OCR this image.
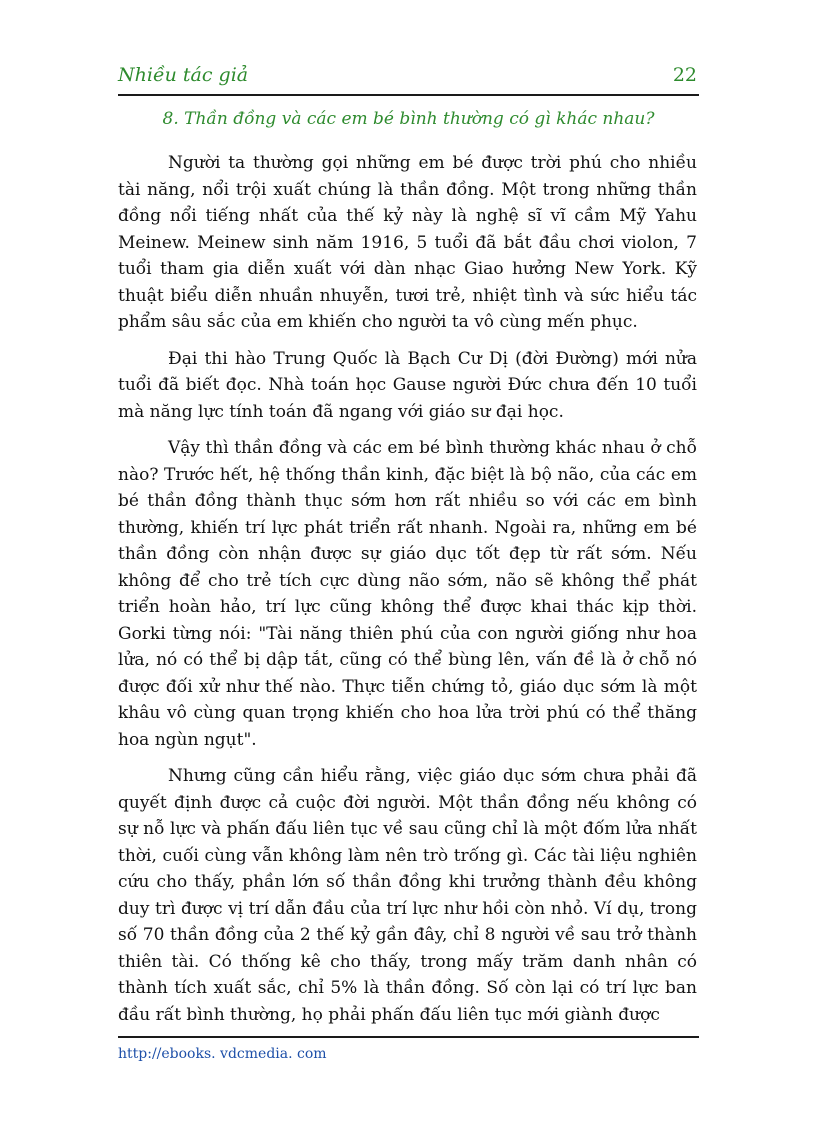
Nhiều tác giả	22
8. Thần đồng và các em bé bình thường có gì khác nhau?

Người ta thường gọi những em bé được trời phú cho nhiều tài năng, nổi trội xuất chúng là thần đồng. Một trong những thần đồng nổi tiếng nhất của thế kỷ này là nghệ sĩ vĩ cầm Mỹ Yahu Meinew. Meinew sinh năm 1916, 5 tuổi đã bắt đầu chơi violon, 7 tuổi tham gia diễn xuất với dàn nhạc Giao hưởng New York. Kỹ thuật biểu diễn nhuần nhuyễn, tươi trẻ, nhiệt tình và sức hiểu tác phẩm sâu sắc của em khiến cho người ta vô cùng mến phục.

Đại thi hào Trung Quốc là Bạch Cư Dị (đời Đường) mới nửa tuổi đã biết đọc. Nhà toán học Gause người Đức chưa đến 10 tuổi mà năng lực tính toán đã ngang với giáo sư đại học.

Vậy thì thần đồng và các em bé bình thường khác nhau ở chỗ nào? Trước hết, hệ thống thần kinh, đặc biệt là bộ não, của các em bé thần đồng thành thục sớm hơn rất nhiều so với các em bình thường, khiến trí lực phát triển rất nhanh. Ngoài ra, những em bé thần đồng còn nhận được sự giáo dục tốt đẹp từ rất sớm. Nếu không để cho trẻ tích cực dùng não sớm, não sẽ không thể phát triển hoàn hảo, trí lực cũng không thể được khai thác kịp thời. Gorki từng nói: "Tài năng thiên phú của con người giống như hoa lửa, nó có thể bị dập tắt, cũng có thể bùng lên, vấn đề là ở chỗ nó được đối xử như thế nào. Thực tiễn chứng tỏ, giáo dục sớm là một khâu vô cùng quan trọng khiến cho hoa lửa trời phú có thể thăng hoa ngùn ngụt".

Nhưng cũng cần hiểu rằng, việc giáo dục sớm chưa phải đã quyết định được cả cuộc đời người. Một thần đồng nếu không có sự nỗ lực và phấn đấu liên tục về sau cũng chỉ là một đốm lửa nhất thời, cuối cùng vẫn không làm nên trò trống gì. Các tài liệu nghiên cứu cho thấy, phần lớn số thần đồng khi trưởng thành đều không duy trì được vị trí dẫn đầu của trí lực như hồi còn nhỏ. Ví dụ, trong số 70 thần đồng của 2 thế kỷ gần đây, chỉ 8 người về sau trở thành thiên tài. Có thống kê cho thấy, trong mấy trăm danh nhân có thành tích xuất sắc, chỉ 5% là thần đồng. Số còn lại có trí lực ban đầu rất bình thường, họ phải phấn đấu liên tục mới giành được

http://ebooks. vdcmedia. com
